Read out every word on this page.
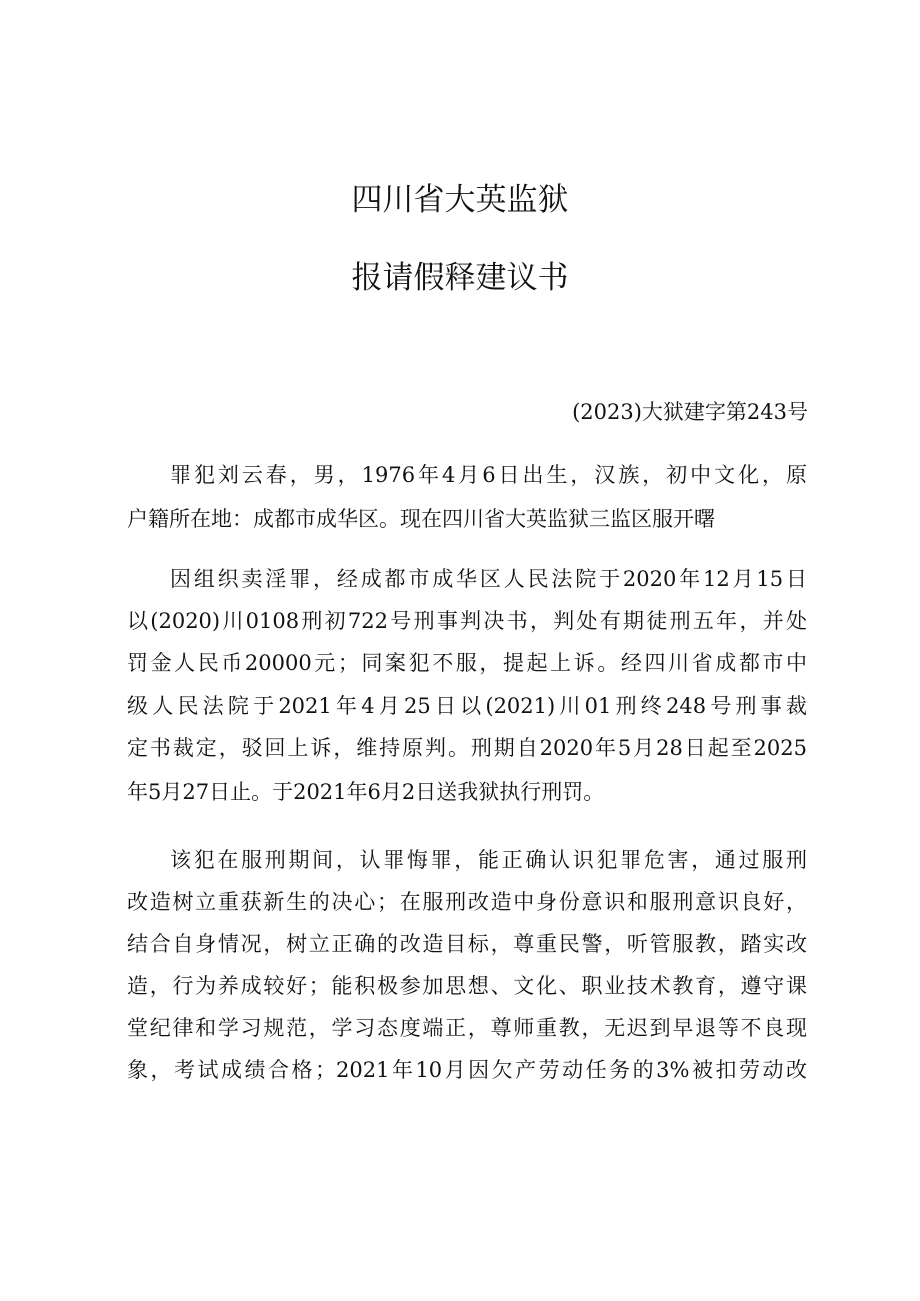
四川省大英监狱
报请假释建议书
(2023)大狱建字第243号
罪犯刘云春，男，1976年4月6日出生，汉族，初中文化，原
户籍所在地：成都市成华区。现在四川省大英监狱三监区服开曙
因组织卖淫罪，经成都市成华区人民法院于2020年12月15日
以(2020)川0108刑初722号刑事判决书，判处有期徒刑五年，并处
罚金人民币20000元；同案犯不服，提起上诉。经四川省成都市中
级人民法院于2021年4月25日以(2021)川01刑终248号刑事裁
定书裁定，驳回上诉，维持原判。刑期自2020年5月28日起至2025
年5月27日止。于2021年6月2日送我狱执行刑罚。
该犯在服刑期间，认罪悔罪，能正确认识犯罪危害，通过服刑
改造树立重获新生的决心；在服刑改造中身份意识和服刑意识良好，
结合自身情况，树立正确的改造目标，尊重民警，听管服教，踏实改
造，行为养成较好；能积极参加思想、文化、职业技术教育，遵守课
堂纪律和学习规范，学习态度端正，尊师重教，无迟到早退等不良现
象，考试成绩合格；2021年10月因欠产劳动任务的3%被扣劳动改
